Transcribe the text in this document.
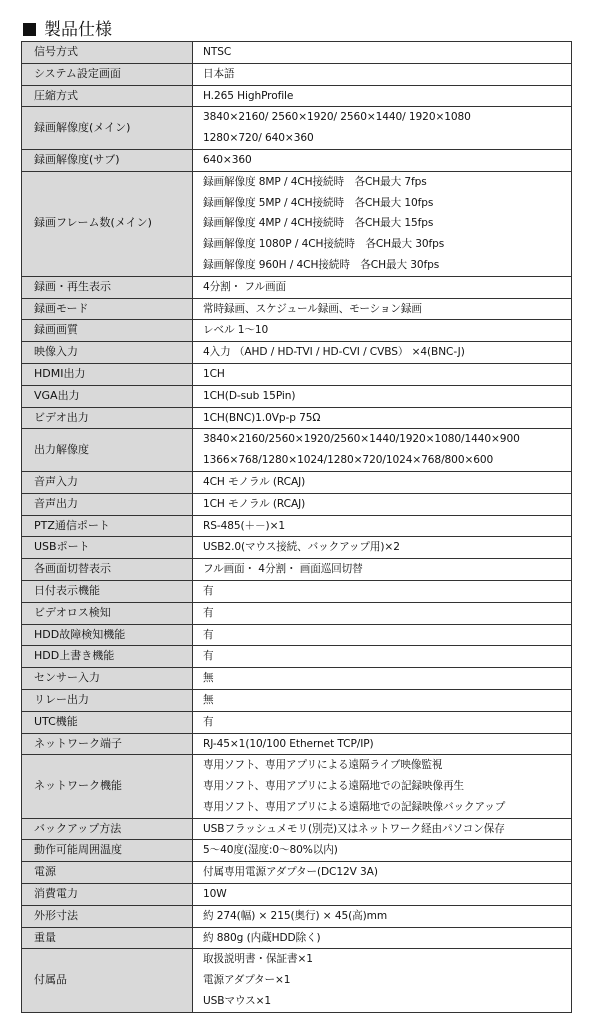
製品仕様
信号方式	NTSC

システム設定画面	日本語

圧縮方式	H.265 HighProfile

録画解像度(メイン)	3840×2160/ 2560×1920/ 2560×1440/ 1920×1080
1280×720/ 640×360

録画解像度(サブ)	640×360

録画フレーム数(メイン)	録画解像度 8MP / 4CH接続時　各CH最大 7fps
録画解像度 5MP / 4CH接続時　各CH最大 10fps
録画解像度 4MP / 4CH接続時　各CH最大 15fps
録画解像度 1080P / 4CH接続時　各CH最大 30fps
録画解像度 960H / 4CH接続時　各CH最大 30fps

録画・再生表示	4分割・ フル画面

録画モード	常時録画、スケジュール録画、モーション録画

録画画質	レベル 1〜10

映像入力	4入力 （AHD / HD-TVI / HD-CVI / CVBS） ×4(BNC-J)

HDMI出力	1CH

VGA出力	1CH(D-sub 15Pin)

ビデオ出力	1CH(BNC)1.0Vp-p 75Ω

出力解像度	3840×2160/2560×1920/2560×1440/1920×1080/1440×900
1366×768/1280×1024/1280×720/1024×768/800×600

音声入力	4CH モノラル (RCAJ)

音声出力	1CH モノラル (RCAJ)

PTZ通信ポート	RS-485(＋－)×1

USBポート	USB2.0(マウス接続、バックアップ用)×2

各画面切替表示	フル画面・ 4分割・ 画面巡回切替

日付表示機能	有

ビデオロス検知	有

HDD故障検知機能	有

HDD上書き機能	有

センサー入力	無

リレー出力	無

UTC機能	有

ネットワーク端子	RJ-45×1(10/100 Ethernet TCP/IP)

ネットワーク機能	専用ソフト、専用アプリによる遠隔ライブ映像監視
専用ソフト、専用アプリによる遠隔地での記録映像再生
専用ソフト、専用アプリによる遠隔地での記録映像バックアップ

バックアップ方法	USBフラッシュメモリ(別売)又はネットワーク経由パソコン保存

動作可能周囲温度	5〜40度(湿度:0〜80%以内)

電源	付属専用電源アダプター(DC12V 3A)

消費電力	10W

外形寸法	約 274(幅) × 215(奥行) × 45(高)mm

重量	約 880g (内蔵HDD除く)

付属品	取扱説明書・保証書×1
電源アダプター×1
USBマウス×1
